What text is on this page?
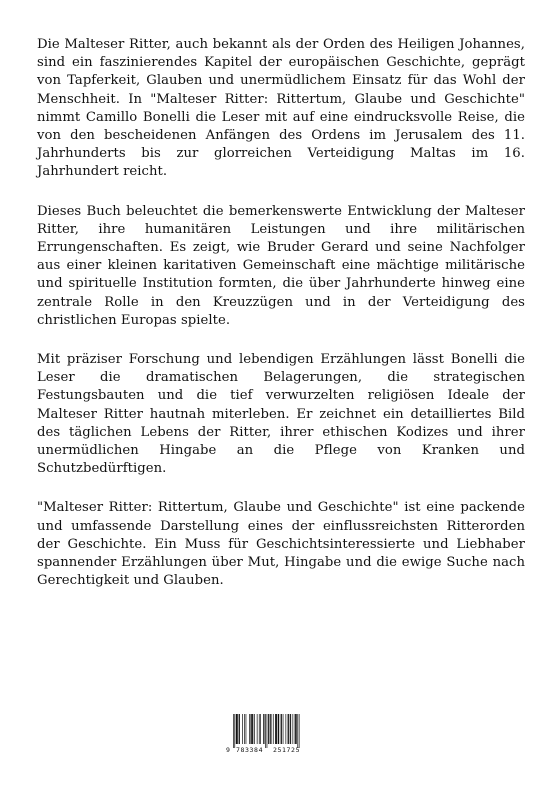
Die Malteser Ritter, auch bekannt als der Orden des Heiligen Johannes, sind ein faszinierendes Kapitel der europäischen Geschichte, geprägt von Tapferkeit, Glauben und unermüdlichem Einsatz für das Wohl der Menschheit. In "Malteser Ritter: Rittertum, Glaube und Geschichte" nimmt Camillo Bonelli die Leser mit auf eine eindrucksvolle Reise, die von den bescheidenen Anfängen des Ordens im Jerusalem des 11. Jahrhunderts bis zur glorreichen Verteidigung Maltas im 16. Jahrhundert reicht.

Dieses Buch beleuchtet die bemerkenswerte Entwicklung der Malteser Ritter, ihre humanitären Leistungen und ihre militärischen Errungenschaften. Es zeigt, wie Bruder Gerard und seine Nachfolger aus einer kleinen karitativen Gemeinschaft eine mächtige militärische und spirituelle Institution formten, die über Jahrhunderte hinweg eine zentrale Rolle in den Kreuzzügen und in der Verteidigung des christlichen Europas spielte.

Mit präziser Forschung und lebendigen Erzählungen lässt Bonelli die Leser die dramatischen Belagerungen, die strategischen Festungsbauten und die tief verwurzelten religiösen Ideale der Malteser Ritter hautnah miterleben. Er zeichnet ein detailliertes Bild des täglichen Lebens der Ritter, ihrer ethischen Kodizes und ihrer unermüdlichen Hingabe an die Pflege von Kranken und Schutzbedürftigen.

"Malteser Ritter: Rittertum, Glaube und Geschichte" ist eine packende und umfassende Darstellung eines der einflussreichsten Ritterorden der Geschichte. Ein Muss für Geschichtsinteressierte und Liebhaber spannender Erzählungen über Mut, Hingabe und die ewige Suche nach Gerechtigkeit und Glauben.

9 783384 251725
